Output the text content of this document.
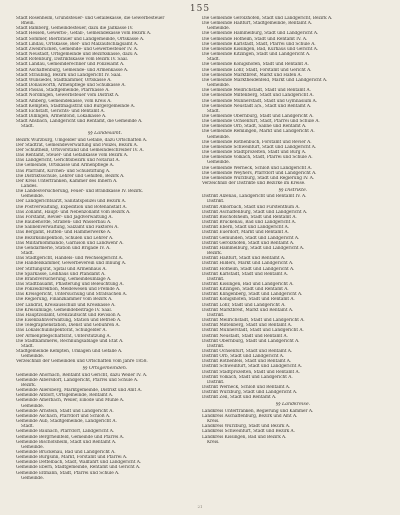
155
Stadt Rosenheim, Grundsteuer- und Gefällekasse, die Gewerbesteuer
Rhein.
Stadt Bamberg, Gemeindesteuer, dazu die Jaifkasse IV.
Stadt Hessen, Gewerbs-, Gefäll-, Gemeindekasse vom Bezirk A.
Stadt Sommer, Bierbrauer und Landgemeinde, Ortskasse A.
Stadt Lindau, Ortskasse, Bier- und Malzaufschlagsamt A.
Stadt Zweibrücken, Gemeinde- und Gewerbesteuer IV. A.
Stadt Neustadt, Ortsgemeinde und Bezirkskasse, dazu A.
Stadt Rotenburg, Distriktskasse vom Bezirk IV. Saal.
Stadt Landau, Gemeinderechner und Polizeiamt A.
Stadt Aschaffenburg, Gemeinde- und Armenkasse A.
Stadt Straubing, Bezirk und Landgericht IV. Saal.
Stadt Wunsiedel, Stadtkammer, Ortskasse A.
Stadt Donauwörth, Armenpflege und Schulkasse A.
Stadt Passau, Stadtgemeinde, Pfarrkasse A.
Stadt Nördlingen, Gewerbsteuer vom Distrikt A.
Stadt Amberg, Gemeindekasse, vom Kreis A.
Stadt Kempten, Stadtmagistrat und Bürgergemeinde A.
Stadt Eichstätt, Gerichts- und Rentamt A.
Stadt Dillingen, Armenfond, Lokalkasse A.
Stadt Ansbach, Landgericht und Rentamt, die Gemeinde A.
Stadt.
§§ Landesamt.
Bezirk Würzburg, Umgelder und Gefälle, dazu Ortschaften A.
Der Stadtrat, Gemeindeverwaltung und Polizei, Bezirk A.
Der Schultheiß, Ortsvorstand und Gemeindeschreiber IV. A.
Das Rentamt, Steuer- und Gefällkasse vom Bezirk A.
Das Landgericht, Gerichtsbezirk und Notariat A.
Die Gemeinde, Ortskasse und Armenpflege A.
Das Pfarramt, Kirchen- und Schulstiftung A.
Die Distriktsschule, Lehrer und Gehilfen, Bezirk A.
Der Kreis Unterfranken, Kammer des Innern A.
Landes.
Die Landesversicherung, Feuer- und Brandkasse IV. Bezirk.
Gemeinde.
Der Landgerichtsarzt, Sanitätspolizei und Bezirk A.
Die Postverwaltung, Expedition und Botenanstalt A.
Das Zollamt, Haupt- und Nebenzollamt vom Bezirk A.
Das Forstamt, Revier- und Jagdverwaltung A.
Die Baubehörde, Straßen- und Wasserbau A.
Die Salinenverwaltung, Salzamt und Faktorei A.
Das Bergamt, Hütten- und Hammerwerke A.
Die Bezirksinspektion, Schulen und Lehrer A.
Das Militärkommando, Garnison und Landwehr A.
Die Gendarmerie, Station und Brigade IV. A.
Stadt.
Das Stadtgericht, Handels- und Wechselgericht A.
Die Handelskammer, Gewerbeverein und Innung A.
Der Stiftungsrat, Spital und Armenhaus A.
Die Sparkasse, Leihhaus und Pfandamt A.
Die Brandversicherung, Gemeindeumlage A.
Das Stadtbauamt, Pflasterung und Beleuchtung A.
Die Polizeidirektion, Meldewesen und Fremde A.
Das Kreisgericht, Untersuchung und Strafsachen A.
Die Regierung, Finanzkammer vom Bezirk A.
Der Landrat, Kreisausschuß und Kreiskasse A.
Die Kreisumlage, Gemeindebeiträge IV. Saal.
Das Hauptzollamt, Grenzaufsicht und Revision A.
Die Eisenbahnverwaltung, Station und Betrieb A.
Die Telegraphenstation, Dienst und Gebühren A.
Das Lokalschulinspektorat, Schulgelder A.
Der Armenpflegschaftsrat, Unterstützung A.
Die Stadtkämmerei, Rechnungsablage und Etat A.
Stadt.
Stadtgemeinde Kempten, Umlagen und Gefälle A.
Gemeinde.
Verzeichniß der Gemeinden und Ortschaften vom Jahre 1858.
§§ Ortsgemeinden.
Gemeinde Ahornach, Rentamt und Gericht, dazu Weiler IV. A.
Gemeinde Albersdorf, Landgericht, Pfarrei und Schule A.
Bezirk.
Gemeinde Allersberg, Marktgemeinde, Distrikt und Amt A.
Gemeinde Altdorf, Ortsgemeinde, Rentamt A.
Gemeinde Amerbach, Weiler, Einöde und Mühle A.
Gemeinde.
Gemeinde Arnstein, Stadt und Landgericht A.
Gemeinde Aschach, Pfarrdorf und Schloß A.
Gemeinde Aub, Stadtgemeinde, Landgericht A.
Stadt.
Gemeinde Baunach, Pfarrdorf, Landgericht A.
Gemeinde Bergrheinfeld, Gemeinde und Pfarrei A.
Gemeinde Bischofsheim, Stadt und Rentamt A.
Gemeinde.
Gemeinde Brückenau, Bad und Landgericht A.
Gemeinde Burgsinn, Markt, Forstamt und Pfarrei A.
Gemeinde Dettelbach, Stadt, Wallfahrt und Landgericht A.
Gemeinde Ebern, Stadtgemeinde, Rentamt und Gericht A.
Gemeinde Eltmann, Stadt, Pfarrei und Schule A.
Gemeinde.
Die Gemeinde Gerolzhofen, Stadt und Landgericht, Bezirk A.
Die Gemeinde Haßfurt, Stadtgemeinde, Rentamt A.
Gemeinde.
Die Gemeinde Hammelburg, Stadt und Landgericht A.
Die Gemeinde Hofheim, Stadt und Rentamt IV. A.
Die Gemeinde Karlstadt, Stadt, Pfarrei und Schule A.
Die Gemeinde Kissingen, Bad, Kurhaus und Gericht A.
Die Gemeinde Kitzingen, Stadt und Landgericht A.
Stadt.
Die Gemeinde Königshofen, Stadt und Rentamt A.
Die Gemeinde Lohr, Stadt, Forstamt und Gericht A.
Die Gemeinde Marktbreit, Markt und Hafen A.
Die Gemeinde Marktheidenfeld, Markt und Landgericht A.
Gemeinde.
Die Gemeinde Mellrichstadt, Stadt und Rentamt A.
Die Gemeinde Miltenberg, Stadt und Landgericht A.
Die Gemeinde Münnerstadt, Stadt und Gymnasium A.
Die Gemeinde Neustadt a/S., Stadt und Rentamt A.
Stadt.
Die Gemeinde Obernburg, Stadt und Landgericht A.
Die Gemeinde Ochsenfurt, Stadt, Pfarrei und Schule A.
Die Gemeinde Orb, Stadt, Saline und Rentamt A.
Die Gemeinde Remlingen, Markt und Landgericht A.
Gemeinde.
Die Gemeinde Rothenbuch, Forstamt und Revier A.
Die Gemeinde Schweinfurt, Stadt und Landgericht A.
Die Gemeinde Stadtprozelten, Stadt und Burg A.
Die Gemeinde Volkach, Stadt, Pfarrei und Schule A.
Gemeinde.
Die Gemeinde Werneck, Schloß und Landgericht A.
Die Gemeinde Weyhers, Pfarrdorf und Landgericht A.
Die Gemeinde Würzburg, Stadt und Regierung IV. A.
Verzeichniß der Distrikte und Bezirke im Kreise.
§§ Distrikte.
Distrikt Alzenau, Landgericht und Rentamt IV. A.
Distrikt.
Distrikt Amorbach, Stadt und Fürstenthum A.
Distrikt Aschaffenburg, Stadt und Landgericht A.
Distrikt Bischofsheim, Stadt und Rentamt A.
Distrikt Brückenau, Bad und Landgericht A.
Distrikt Ebern, Stadt und Landgericht A.
Distrikt Euerdorf, Markt und Rentamt A.
Distrikt Gemünden, Stadt und Landgericht A.
Distrikt Gerolzhofen, Stadt und Rentamt A.
Distrikt Hammelburg, Stadt und Landgericht A.
Bezirk.
Distrikt Haßfurt, Stadt und Rentamt A.
Distrikt Hilders, Markt und Landgericht A.
Distrikt Hofheim, Stadt und Landgericht A.
Distrikt Karlstadt, Stadt und Rentamt A.
Distrikt.
Distrikt Kissingen, Bad und Landgericht A.
Distrikt Kitzingen, Stadt und Rentamt A.
Distrikt Klingenberg, Stadt und Landgericht A.
Distrikt Königshofen, Stadt und Rentamt A.
Distrikt Lohr, Stadt und Landgericht A.
Distrikt Marktbreit, Markt und Rentamt A.
Distrikt.
Distrikt Mellrichstadt, Stadt und Landgericht A.
Distrikt Miltenberg, Stadt und Rentamt A.
Distrikt Münnerstadt, Stadt und Landgericht A.
Distrikt Neustadt, Stadt und Rentamt A.
Distrikt Obernburg, Stadt und Landgericht A.
Distrikt.
Distrikt Ochsenfurt, Stadt und Rentamt A.
Distrikt Orb, Stadt und Landgericht A.
Distrikt Rothenfels, Stadt und Rentamt A.
Distrikt Schweinfurt, Stadt und Landgericht A.
Distrikt Stadtprozelten, Stadt und Rentamt A.
Distrikt Volkach, Stadt und Landgericht A.
Distrikt.
Distrikt Werneck, Schloß und Rentamt A.
Distrikt Würzburg, Stadt und Landgericht A.
Distrikt Zeil, Stadt und Rentamt A.
§§ Landkreise.
Landkreis Unterfranken, Regierung und Kammer A.
Landkreis Aschaffenburg, Bezirk und Amt A.
Kreis.
Landkreis Würzburg, Stadt und Bezirk A.
Landkreis Schweinfurt, Stadt und Bezirk A.
Landkreis Kissingen, Bad und Bezirk A.
Kreis.
21
